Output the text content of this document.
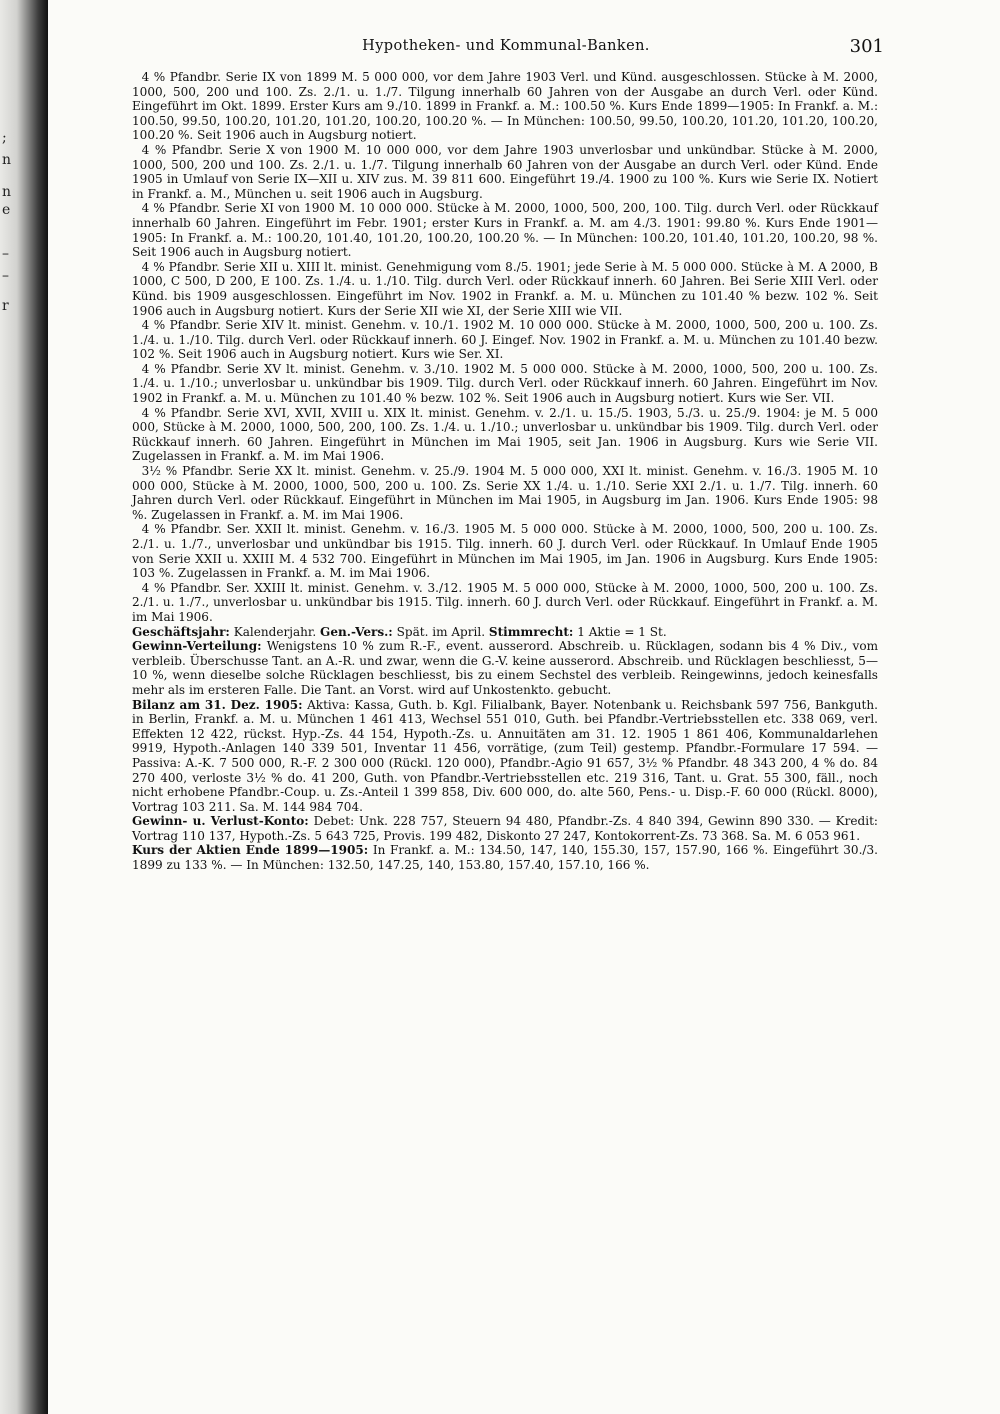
;
n
n
e
–
–
r
Hypotheken- und Kommunal-Banken.	301

4 % Pfandbr. Serie IX von 1899 M. 5 000 000, vor dem Jahre 1903 Verl. und Künd. ausgeschlossen. Stücke à M. 2000, 1000, 500, 200 und 100. Zs. 2./1. u. 1./7. Tilgung innerhalb 60 Jahren von der Ausgabe an durch Verl. oder Künd. Eingeführt im Okt. 1899. Erster Kurs am 9./10. 1899 in Frankf. a. M.: 100.50 %. Kurs Ende 1899—1905: In Frankf. a. M.: 100.50, 99.50, 100.20, 101.20, 101.20, 100.20, 100.20 %. — In München: 100.50, 99.50, 100.20, 101.20, 101.20, 100.20, 100.20 %. Seit 1906 auch in Augsburg notiert.

4 % Pfandbr. Serie X von 1900 M. 10 000 000, vor dem Jahre 1903 unverlosbar und unkündbar. Stücke à M. 2000, 1000, 500, 200 und 100. Zs. 2./1. u. 1./7. Tilgung innerhalb 60 Jahren von der Ausgabe an durch Verl. oder Künd. Ende 1905 in Umlauf von Serie IX—XII u. XIV zus. M. 39 811 600. Eingeführt 19./4. 1900 zu 100 %. Kurs wie Serie IX. Notiert in Frankf. a. M., München u. seit 1906 auch in Augsburg.

4 % Pfandbr. Serie XI von 1900 M. 10 000 000. Stücke à M. 2000, 1000, 500, 200, 100. Tilg. durch Verl. oder Rückkauf innerhalb 60 Jahren. Eingeführt im Febr. 1901; erster Kurs in Frankf. a. M. am 4./3. 1901: 99.80 %. Kurs Ende 1901—1905: In Frankf. a. M.: 100.20, 101.40, 101.20, 100.20, 100.20 %. — In München: 100.20, 101.40, 101.20, 100.20, 98 %. Seit 1906 auch in Augsburg notiert.

4 % Pfandbr. Serie XII u. XIII lt. minist. Genehmigung vom 8./5. 1901; jede Serie à M. 5 000 000. Stücke à M. A 2000, B 1000, C 500, D 200, E 100. Zs. 1./4. u. 1./10. Tilg. durch Verl. oder Rückkauf innerh. 60 Jahren. Bei Serie XIII Verl. oder Künd. bis 1909 ausgeschlossen. Eingeführt im Nov. 1902 in Frankf. a. M. u. München zu 101.40 % bezw. 102 %. Seit 1906 auch in Augsburg notiert. Kurs der Serie XII wie XI, der Serie XIII wie VII.

4 % Pfandbr. Serie XIV lt. minist. Genehm. v. 10./1. 1902 M. 10 000 000. Stücke à M. 2000, 1000, 500, 200 u. 100. Zs. 1./4. u. 1./10. Tilg. durch Verl. oder Rückkauf innerh. 60 J. Eingef. Nov. 1902 in Frankf. a. M. u. München zu 101.40 bezw. 102 %. Seit 1906 auch in Augsburg notiert. Kurs wie Ser. XI.

4 % Pfandbr. Serie XV lt. minist. Genehm. v. 3./10. 1902 M. 5 000 000. Stücke à M. 2000, 1000, 500, 200 u. 100. Zs. 1./4. u. 1./10.; unverlosbar u. unkündbar bis 1909. Tilg. durch Verl. oder Rückkauf innerh. 60 Jahren. Eingeführt im Nov. 1902 in Frankf. a. M. u. München zu 101.40 % bezw. 102 %. Seit 1906 auch in Augsburg notiert. Kurs wie Ser. VII.

4 % Pfandbr. Serie XVI, XVII, XVIII u. XIX lt. minist. Genehm. v. 2./1. u. 15./5. 1903, 5./3. u. 25./9. 1904: je M. 5 000 000, Stücke à M. 2000, 1000, 500, 200, 100. Zs. 1./4. u. 1./10.; unverlosbar u. unkündbar bis 1909. Tilg. durch Verl. oder Rückkauf innerh. 60 Jahren. Eingeführt in München im Mai 1905, seit Jan. 1906 in Augsburg. Kurs wie Serie VII. Zugelassen in Frankf. a. M. im Mai 1906.

3½ % Pfandbr. Serie XX lt. minist. Genehm. v. 25./9. 1904 M. 5 000 000, XXI lt. minist. Genehm. v. 16./3. 1905 M. 10 000 000, Stücke à M. 2000, 1000, 500, 200 u. 100. Zs. Serie XX 1./4. u. 1./10. Serie XXI 2./1. u. 1./7. Tilg. innerh. 60 Jahren durch Verl. oder Rückkauf. Eingeführt in München im Mai 1905, in Augsburg im Jan. 1906. Kurs Ende 1905: 98 %. Zugelassen in Frankf. a. M. im Mai 1906.

4 % Pfandbr. Ser. XXII lt. minist. Genehm. v. 16./3. 1905 M. 5 000 000. Stücke à M. 2000, 1000, 500, 200 u. 100. Zs. 2./1. u. 1./7., unverlosbar und unkündbar bis 1915. Tilg. innerh. 60 J. durch Verl. oder Rückkauf. In Umlauf Ende 1905 von Serie XXII u. XXIII M. 4 532 700. Eingeführt in München im Mai 1905, im Jan. 1906 in Augsburg. Kurs Ende 1905: 103 %. Zugelassen in Frankf. a. M. im Mai 1906.

4 % Pfandbr. Ser. XXIII lt. minist. Genehm. v. 3./12. 1905 M. 5 000 000, Stücke à M. 2000, 1000, 500, 200 u. 100. Zs. 2./1. u. 1./7., unverlosbar u. unkündbar bis 1915. Tilg. innerh. 60 J. durch Verl. oder Rückkauf. Eingeführt in Frankf. a. M. im Mai 1906.

Geschäftsjahr: Kalenderjahr. Gen.-Vers.: Spät. im April. Stimmrecht: 1 Aktie = 1 St.

Gewinn-Verteilung: Wenigstens 10 % zum R.-F., event. ausserord. Abschreib. u. Rücklagen, sodann bis 4 % Div., vom verbleib. Überschusse Tant. an A.-R. und zwar, wenn die G.-V. keine ausserord. Abschreib. und Rücklagen beschliesst, 5—10 %, wenn dieselbe solche Rücklagen beschliesst, bis zu einem Sechstel des verbleib. Reingewinns, jedoch keinesfalls mehr als im ersteren Falle. Die Tant. an Vorst. wird auf Unkostenkto. gebucht.

Bilanz am 31. Dez. 1905: Aktiva: Kassa, Guth. b. Kgl. Filialbank, Bayer. Notenbank u. Reichsbank 597 756, Bankguth. in Berlin, Frankf. a. M. u. München 1 461 413, Wechsel 551 010, Guth. bei Pfandbr.-Vertriebsstellen etc. 338 069, verl. Effekten 12 422, rückst. Hyp.-Zs. 44 154, Hypoth.-Zs. u. Annuitäten am 31. 12. 1905 1 861 406, Kommunaldarlehen 9919, Hypoth.-Anlagen 140 339 501, Inventar 11 456, vorrätige, (zum Teil) gestemp. Pfandbr.-Formulare 17 594. — Passiva: A.-K. 7 500 000, R.-F. 2 300 000 (Rückl. 120 000), Pfandbr.-Agio 91 657, 3½ % Pfandbr. 48 343 200, 4 % do. 84 270 400, verloste 3½ % do. 41 200, Guth. von Pfandbr.-Vertriebsstellen etc. 219 316, Tant. u. Grat. 55 300, fäll., noch nicht erhobene Pfandbr.-Coup. u. Zs.-Anteil 1 399 858, Div. 600 000, do. alte 560, Pens.- u. Disp.-F. 60 000 (Rückl. 8000), Vortrag 103 211. Sa. M. 144 984 704.

Gewinn- u. Verlust-Konto: Debet: Unk. 228 757, Steuern 94 480, Pfandbr.-Zs. 4 840 394, Gewinn 890 330. — Kredit: Vortrag 110 137, Hypoth.-Zs. 5 643 725, Provis. 199 482, Diskonto 27 247, Kontokorrent-Zs. 73 368. Sa. M. 6 053 961.

Kurs der Aktien Ende 1899—1905: In Frankf. a. M.: 134.50, 147, 140, 155.30, 157, 157.90, 166 %. Eingeführt 30./3. 1899 zu 133 %. — In München: 132.50, 147.25, 140, 153.80, 157.40, 157.10, 166 %.
